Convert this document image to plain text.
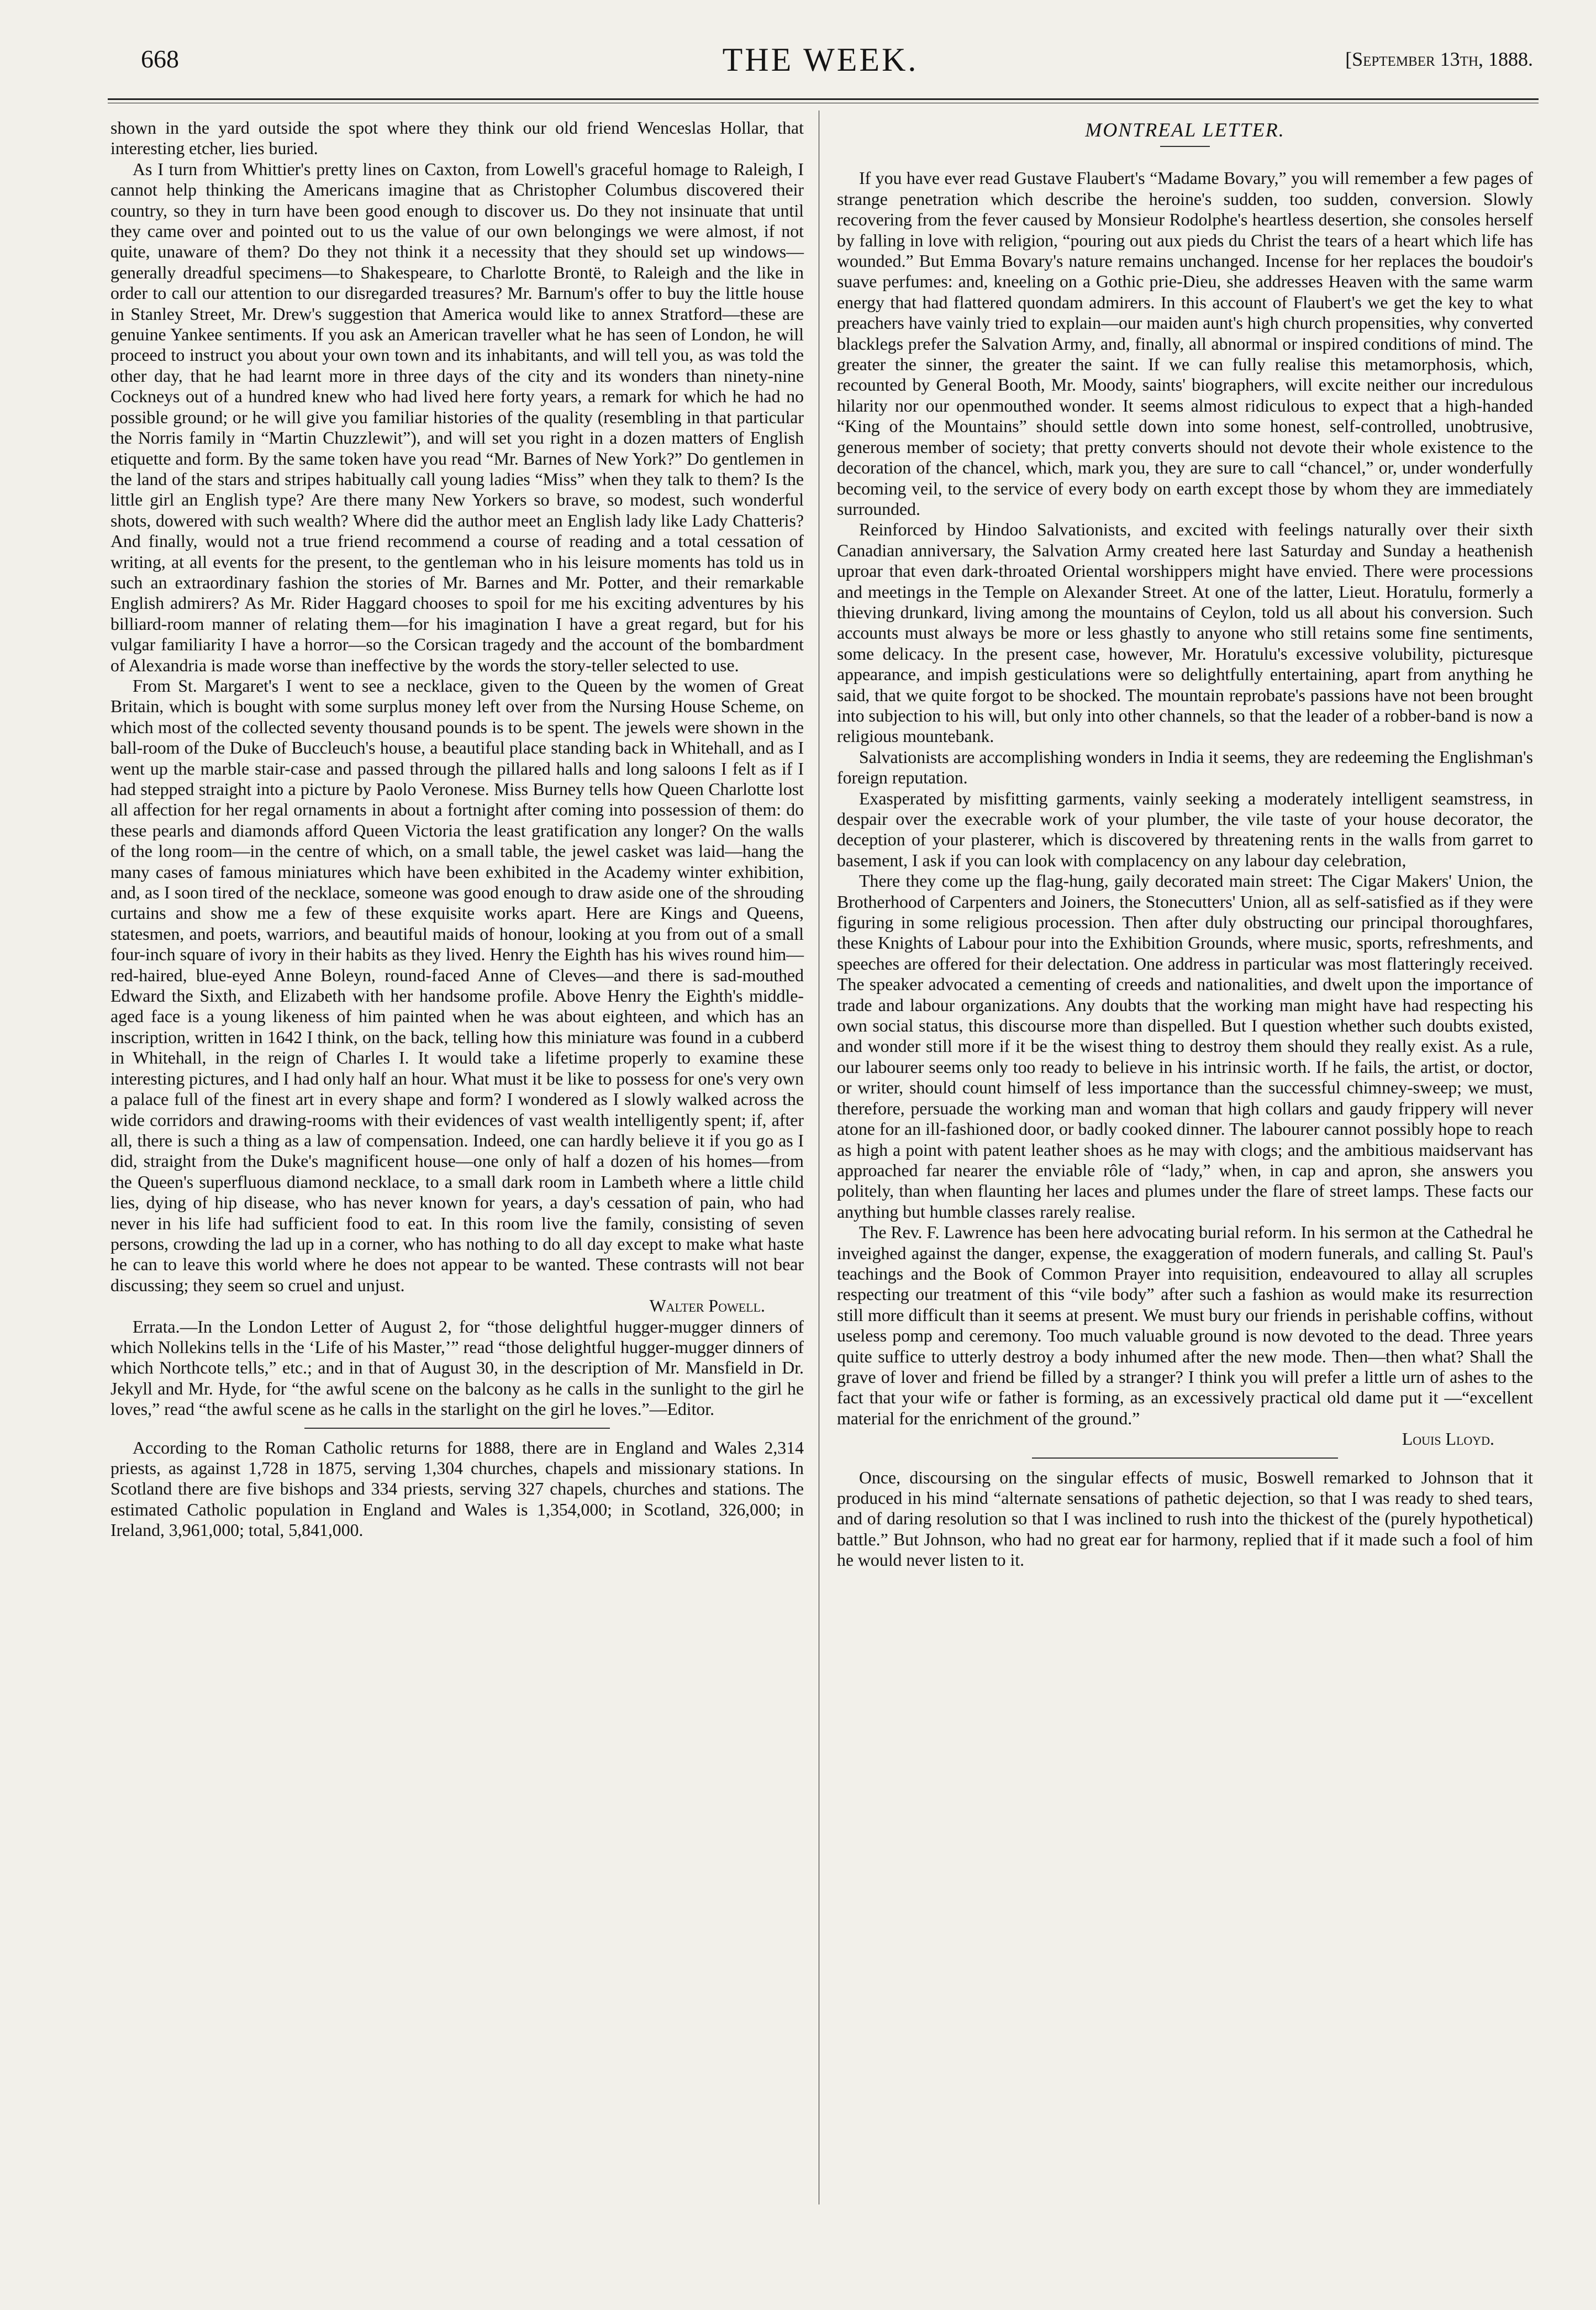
668	THE WEEK.	[September 13th, 1888.

shown in the yard outside the spot where they think our old friend Wenceslas Hollar, that interesting etcher, lies buried.

As I turn from Whittier's pretty lines on Caxton, from Lowell's graceful homage to Raleigh, I cannot help thinking the Americans imagine that as Christopher Columbus discovered their country, so they in turn have been good enough to discover us. Do they not insinuate that until they came over and pointed out to us the value of our own belongings we were almost, if not quite, unaware of them? Do they not think it a necessity that they should set up windows—generally dreadful specimens—to Shakespeare, to Charlotte Brontë, to Raleigh and the like in order to call our attention to our disregarded treasures? Mr. Barnum's offer to buy the little house in Stanley Street, Mr. Drew's suggestion that America would like to annex Stratford—these are genuine Yankee sentiments. If you ask an American traveller what he has seen of London, he will proceed to instruct you about your own town and its inhabitants, and will tell you, as was told the other day, that he had learnt more in three days of the city and its wonders than ninety-nine Cockneys out of a hundred knew who had lived here forty years, a remark for which he had no possible ground; or he will give you familiar histories of the quality (resembling in that particular the Norris family in “Martin Chuzzlewit”), and will set you right in a dozen matters of English etiquette and form. By the same token have you read “Mr. Barnes of New York?” Do gentlemen in the land of the stars and stripes habitually call young ladies “Miss” when they talk to them? Is the little girl an English type? Are there many New Yorkers so brave, so modest, such wonderful shots, dowered with such wealth? Where did the author meet an English lady like Lady Chatteris? And finally, would not a true friend recommend a course of reading and a total cessation of writing, at all events for the present, to the gentleman who in his leisure moments has told us in such an extraordinary fashion the stories of Mr. Barnes and Mr. Potter, and their remarkable English admirers? As Mr. Rider Haggard chooses to spoil for me his exciting adventures by his billiard-room manner of relating them—for his imagination I have a great regard, but for his vulgar familiarity I have a horror—so the Corsican tragedy and the account of the bombardment of Alexandria is made worse than ineffective by the words the story-teller selected to use.

From St. Margaret's I went to see a necklace, given to the Queen by the women of Great Britain, which is bought with some surplus money left over from the Nursing House Scheme, on which most of the collected seventy thousand pounds is to be spent. The jewels were shown in the ball-room of the Duke of Buccleuch's house, a beautiful place standing back in Whitehall, and as I went up the marble stair-case and passed through the pillared halls and long saloons I felt as if I had stepped straight into a picture by Paolo Veronese. Miss Burney tells how Queen Charlotte lost all affection for her regal ornaments in about a fortnight after coming into possession of them: do these pearls and diamonds afford Queen Victoria the least gratification any longer? On the walls of the long room—in the centre of which, on a small table, the jewel casket was laid—hang the many cases of famous miniatures which have been exhibited in the Academy winter exhibition, and, as I soon tired of the necklace, someone was good enough to draw aside one of the shrouding curtains and show me a few of these exquisite works apart. Here are Kings and Queens, statesmen, and poets, warriors, and beautiful maids of honour, looking at you from out of a small four-inch square of ivory in their habits as they lived. Henry the Eighth has his wives round him—red-haired, blue-eyed Anne Boleyn, round-faced Anne of Cleves—and there is sad-mouthed Edward the Sixth, and Elizabeth with her handsome profile. Above Henry the Eighth's middle-aged face is a young likeness of him painted when he was about eighteen, and which has an inscription, written in 1642 I think, on the back, telling how this miniature was found in a cubberd in Whitehall, in the reign of Charles I. It would take a lifetime properly to examine these interesting pictures, and I had only half an hour. What must it be like to possess for one's very own a palace full of the finest art in every shape and form? I wondered as I slowly walked across the wide corridors and drawing-rooms with their evidences of vast wealth intelligently spent; if, after all, there is such a thing as a law of compensation. Indeed, one can hardly believe it if you go as I did, straight from the Duke's magnificent house—one only of half a dozen of his homes—from the Queen's superfluous diamond necklace, to a small dark room in Lambeth where a little child lies, dying of hip disease, who has never known for years, a day's cessation of pain, who had never in his life had sufficient food to eat. In this room live the family, consisting of seven persons, crowding the lad up in a corner, who has nothing to do all day except to make what haste he can to leave this world where he does not appear to be wanted. These contrasts will not bear discussing; they seem so cruel and unjust.

Walter Powell.

Errata.—In the London Letter of August 2, for “those delightful hugger-mugger dinners of which Nollekins tells in the ‘Life of his Master,’” read “those delightful hugger-mugger dinners of which Northcote tells,” etc.; and in that of August 30, in the description of Mr. Mansfield in Dr. Jekyll and Mr. Hyde, for “the awful scene on the balcony as he calls in the sunlight to the girl he loves,” read “the awful scene as he calls in the starlight on the girl he loves.”—Editor.

According to the Roman Catholic returns for 1888, there are in England and Wales 2,314 priests, as against 1,728 in 1875, serving 1,304 churches, chapels and missionary stations. In Scotland there are five bishops and 334 priests, serving 327 chapels, churches and stations. The estimated Catholic population in England and Wales is 1,354,000; in Scotland, 326,000; in Ireland, 3,961,000; total, 5,841,000.

MONTREAL LETTER.

If you have ever read Gustave Flaubert's “Madame Bovary,” you will remember a few pages of strange penetration which describe the heroine's sudden, too sudden, conversion. Slowly recovering from the fever caused by Monsieur Rodolphe's heartless desertion, she consoles herself by falling in love with religion, “pouring out aux pieds du Christ the tears of a heart which life has wounded.” But Emma Bovary's nature remains unchanged. Incense for her replaces the boudoir's suave perfumes: and, kneeling on a Gothic prie-Dieu, she addresses Heaven with the same warm energy that had flattered quondam admirers. In this account of Flaubert's we get the key to what preachers have vainly tried to explain—our maiden aunt's high church propensities, why converted blacklegs prefer the Salvation Army, and, finally, all abnormal or inspired conditions of mind. The greater the sinner, the greater the saint. If we can fully realise this metamorphosis, which, recounted by General Booth, Mr. Moody, saints' biographers, will excite neither our incredulous hilarity nor our openmouthed wonder. It seems almost ridiculous to expect that a high-handed “King of the Mountains” should settle down into some honest, self-controlled, unobtrusive, generous member of society; that pretty converts should not devote their whole existence to the decoration of the chancel, which, mark you, they are sure to call “chancel,” or, under wonderfully becoming veil, to the service of every body on earth except those by whom they are immediately surrounded.

Reinforced by Hindoo Salvationists, and excited with feelings naturally over their sixth Canadian anniversary, the Salvation Army created here last Saturday and Sunday a heathenish uproar that even dark-throated Oriental worshippers might have envied. There were processions and meetings in the Temple on Alexander Street. At one of the latter, Lieut. Horatulu, formerly a thieving drunkard, living among the mountains of Ceylon, told us all about his conversion. Such accounts must always be more or less ghastly to anyone who still retains some fine sentiments, some delicacy. In the present case, however, Mr. Horatulu's excessive volubility, picturesque appearance, and impish gesticulations were so delightfully entertaining, apart from anything he said, that we quite forgot to be shocked. The mountain reprobate's passions have not been brought into subjection to his will, but only into other channels, so that the leader of a robber-band is now a religious mountebank.

Salvationists are accomplishing wonders in India it seems, they are redeeming the Englishman's foreign reputation.

Exasperated by misfitting garments, vainly seeking a moderately intelligent seamstress, in despair over the execrable work of your plumber, the vile taste of your house decorator, the deception of your plasterer, which is discovered by threatening rents in the walls from garret to basement, I ask if you can look with complacency on any labour day celebration,

There they come up the flag-hung, gaily decorated main street: The Cigar Makers' Union, the Brotherhood of Carpenters and Joiners, the Stonecutters' Union, all as self-satisfied as if they were figuring in some religious procession. Then after duly obstructing our principal thoroughfares, these Knights of Labour pour into the Exhibition Grounds, where music, sports, refreshments, and speeches are offered for their delectation. One address in particular was most flatteringly received. The speaker advocated a cementing of creeds and nationalities, and dwelt upon the importance of trade and labour organizations. Any doubts that the working man might have had respecting his own social status, this discourse more than dispelled. But I question whether such doubts existed, and wonder still more if it be the wisest thing to destroy them should they really exist. As a rule, our labourer seems only too ready to believe in his intrinsic worth. If he fails, the artist, or doctor, or writer, should count himself of less importance than the successful chimney-sweep; we must, therefore, persuade the working man and woman that high collars and gaudy frippery will never atone for an ill-fashioned door, or badly cooked dinner. The labourer cannot possibly hope to reach as high a point with patent leather shoes as he may with clogs; and the ambitious maidservant has approached far nearer the enviable rôle of “lady,” when, in cap and apron, she answers you politely, than when flaunting her laces and plumes under the flare of street lamps. These facts our anything but humble classes rarely realise.

The Rev. F. Lawrence has been here advocating burial reform. In his sermon at the Cathedral he inveighed against the danger, expense, the exaggeration of modern funerals, and calling St. Paul's teachings and the Book of Common Prayer into requisition, endeavoured to allay all scruples respecting our treatment of this “vile body” after such a fashion as would make its resurrection still more difficult than it seems at present. We must bury our friends in perishable coffins, without useless pomp and ceremony. Too much valuable ground is now devoted to the dead. Three years quite suffice to utterly destroy a body inhumed after the new mode. Then—then what? Shall the grave of lover and friend be filled by a stranger? I think you will prefer a little urn of ashes to the fact that your wife or father is forming, as an excessively practical old dame put it —“excellent material for the enrichment of the ground.”

Louis Lloyd.

Once, discoursing on the singular effects of music, Boswell remarked to Johnson that it produced in his mind “alternate sensations of pathetic dejection, so that I was ready to shed tears, and of daring resolution so that I was inclined to rush into the thickest of the (purely hypothetical) battle.” But Johnson, who had no great ear for harmony, replied that if it made such a fool of him he would never listen to it.
